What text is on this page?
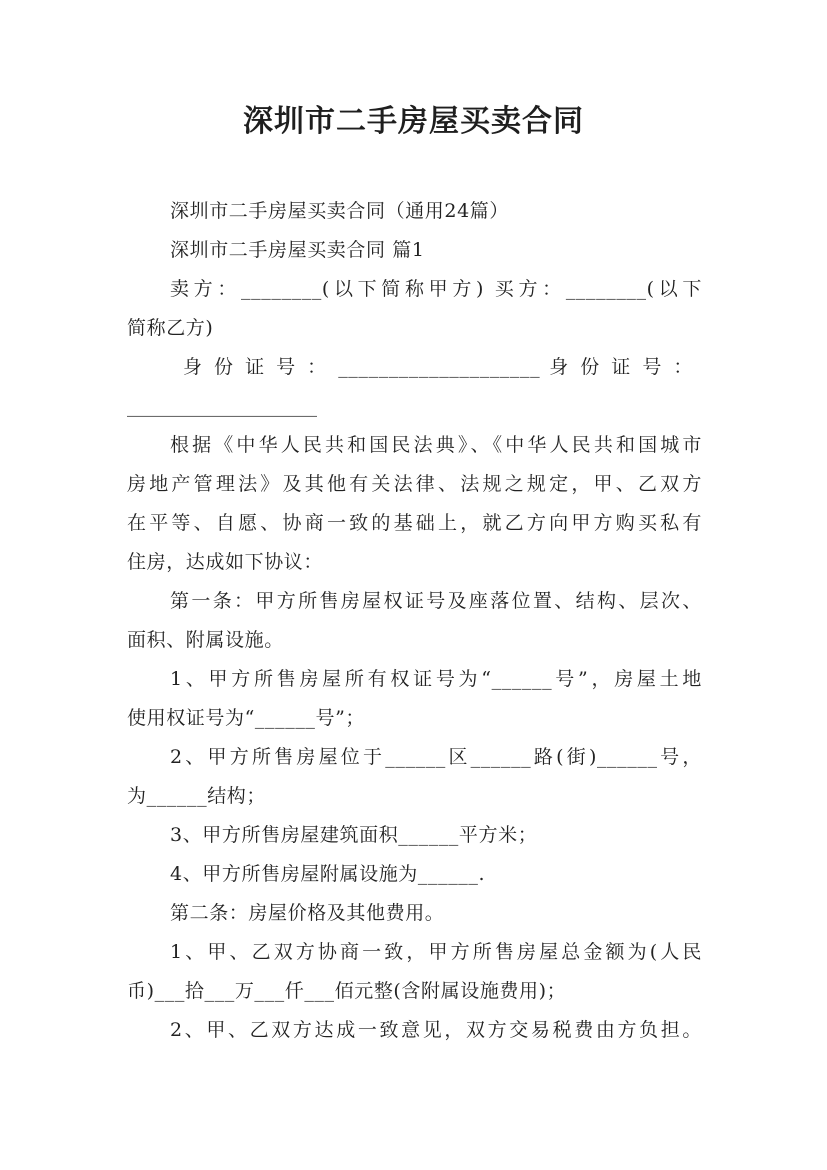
深圳市二手房屋买卖合同
深圳市二手房屋买卖合同（通用24篇）
深圳市二手房屋买卖合同 篇1
卖方：________(以下简称甲方) 买方：________(以下
简称乙方)
身 份 证 号 ： ____________________ 身 份 证 号 ：
____________________
根据《中华人民共和国民法典》、《中华人民共和国城市
房地产管理法》及其他有关法律、法规之规定，甲、乙双方
在平等、自愿、协商一致的基础上，就乙方向甲方购买私有
住房，达成如下协议：
第一条：甲方所售房屋权证号及座落位置、结构、层次、
面积、附属设施。
1、甲方所售房屋所有权证号为“______号”，房屋土地
使用权证号为“______号”；
2、甲方所售房屋位于______区______路(街)______号，
为______结构；
3、甲方所售房屋建筑面积______平方米；
4、甲方所售房屋附属设施为______.
第二条：房屋价格及其他费用。
1、甲、乙双方协商一致，甲方所售房屋总金额为(人民
币)___拾___万___仟___佰元整(含附属设施费用)；
2、甲、乙双方达成一致意见，双方交易税费由方负担。
